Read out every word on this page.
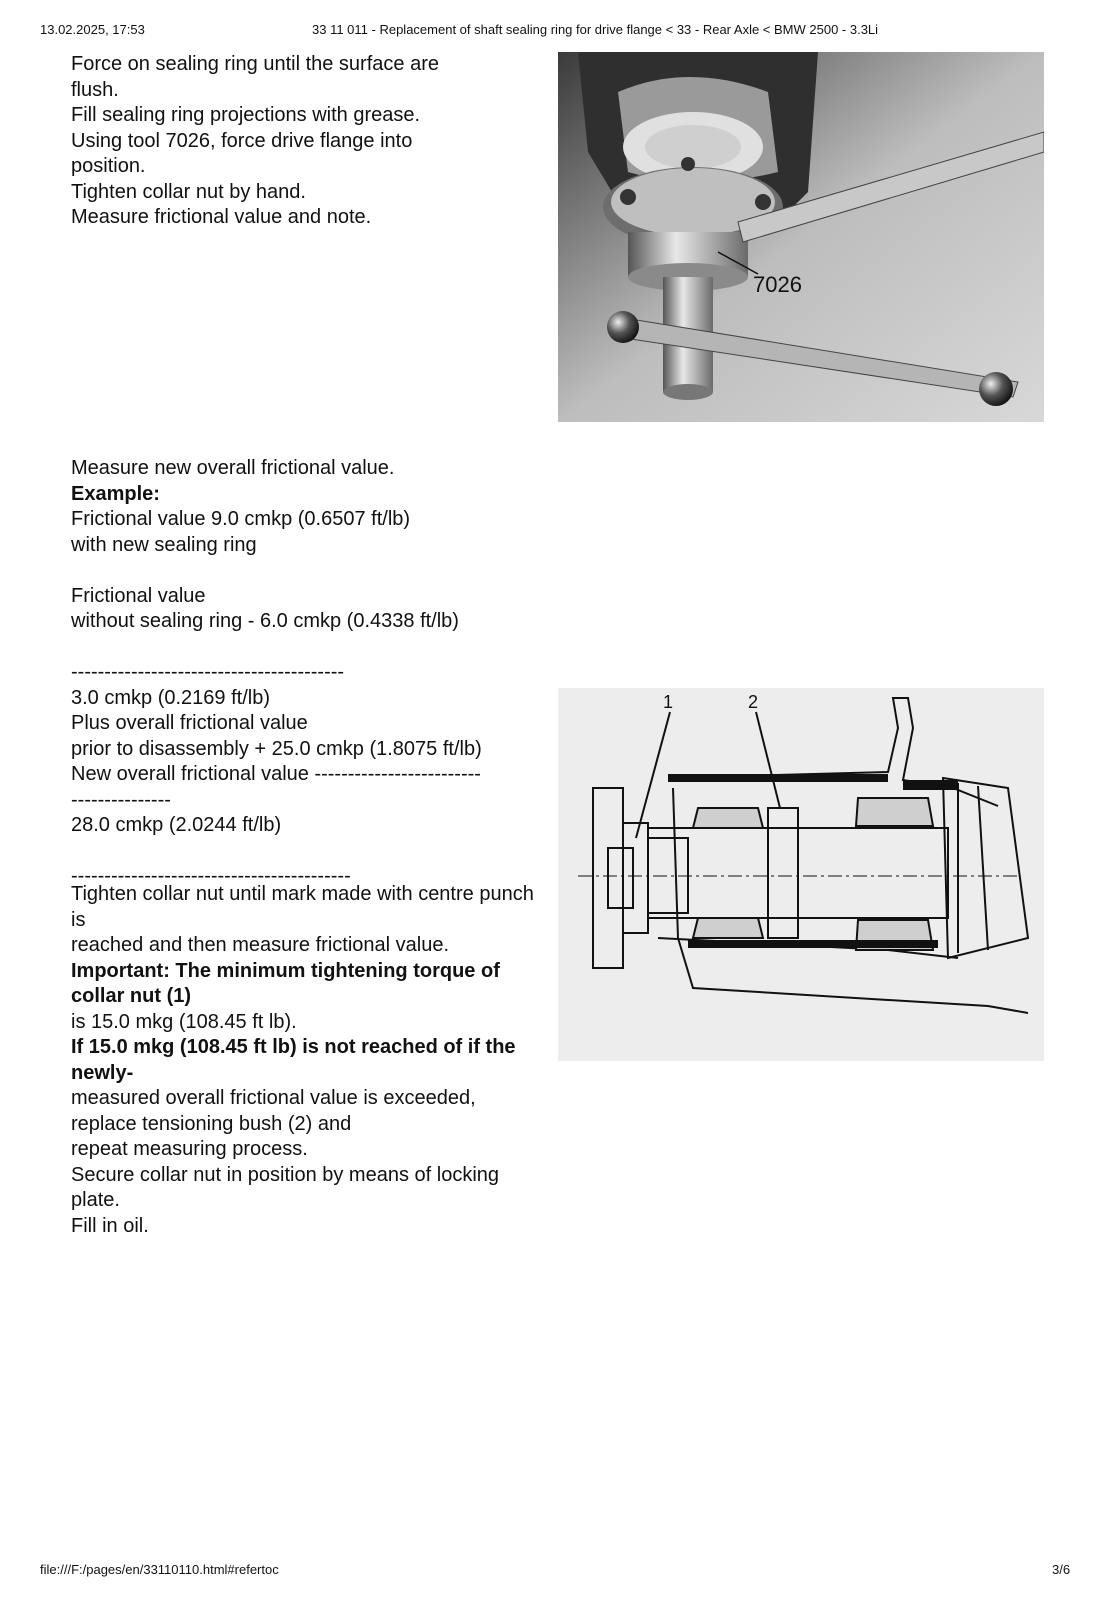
13.02.2025, 17:53	33 11 011 - Replacement of shaft sealing ring for drive flange < 33 - Rear Axle < BMW 2500 - 3.3Li
Force on sealing ring until the surface are
flush.
Fill sealing ring projections with grease.
Using tool 7026, force drive flange into
position.
Tighten collar nut by hand.
Measure frictional value and note.
7026
Measure new overall frictional value.
Example:
Frictional value 9.0 cmkp (0.6507 ft/lb)
with new sealing ring
Frictional value
without sealing ring - 6.0 cmkp (0.4338 ft/lb)
-----------------------------------------
3.0 cmkp (0.2169 ft/lb)
Plus overall frictional value
prior to disassembly + 25.0 cmkp (1.8075 ft/lb)
New overall frictional value -------------------------
---------------
28.0 cmkp (2.0244 ft/lb)
------------------------------------------
Tighten collar nut until mark made with centre punch is
reached and then measure frictional value.
Important: The minimum tightening torque of collar nut (1)
is 15.0 mkg (108.45 ft lb).
If 15.0 mkg (108.45 ft lb) is not reached of if the newly-
measured overall frictional value is exceeded, replace tensioning bush (2) and
repeat measuring process.
Secure collar nut in position by means of locking plate.
Fill in oil.
1	2
file:///F:/pages/en/33110110.html#refertoc	3/6
